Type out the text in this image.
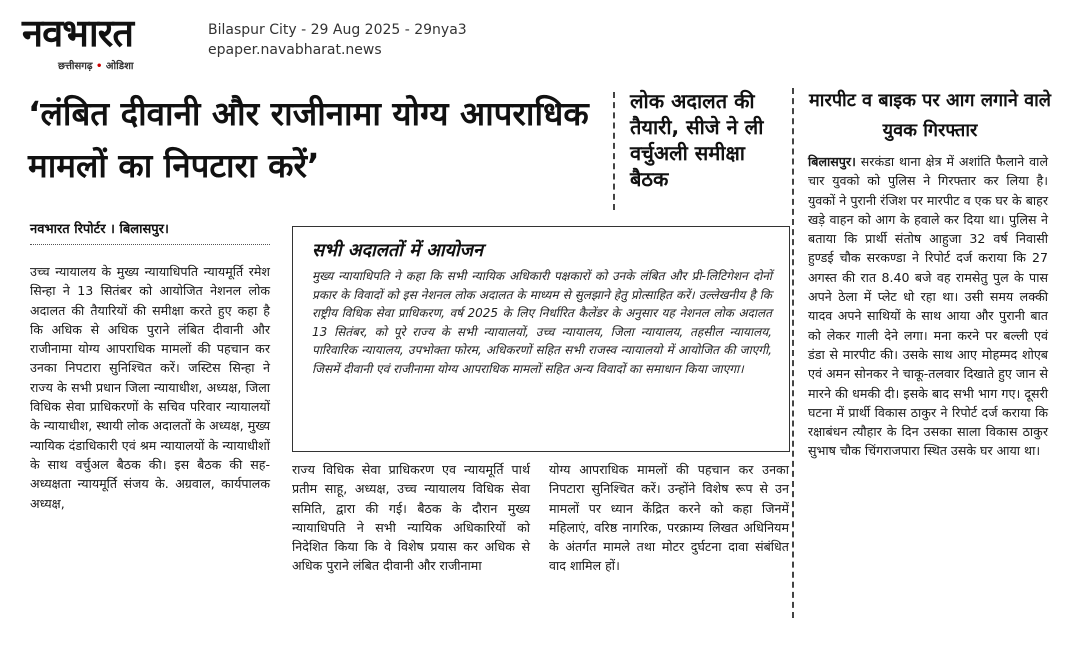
नवभारत
छत्तीसगढ़ • ओडिशा
Bilaspur City - 29 Aug 2025 - 29nya3
epaper.navabharat.news
‘लंबित दीवानी और राजीनामा योग्य आपराधिक मामलों का निपटारा करें’
लोक अदालत की तैयारी, सीजे ने ली वर्चुअली समीक्षा बैठक
नवभारत रिपोर्टर । बिलासपुर।
उच्च न्यायालय के मुख्य न्यायाधिपति न्यायमूर्ति रमेश सिन्हा ने 13 सितंबर को आयोजित नेशनल लोक अदालत की तैयारियों की समीक्षा करते हुए कहा है कि अधिक से अधिक पुराने लंबित दीवानी और राजीनामा योग्य आपराधिक मामलों की पहचान कर उनका निपटारा सुनिश्चित करें। जस्टिस सिन्हा ने राज्य के सभी प्रधान जिला न्यायाधीश, अध्यक्ष, जिला विधिक सेवा प्राधिकरणों के सचिव परिवार न्यायालयों के न्यायाधीश, स्थायी लोक अदालतों के अध्यक्ष, मुख्य न्यायिक दंडाधिकारी एवं श्रम न्यायालयों के न्यायाधीशों के साथ वर्चुअल बैठक की। इस बैठक की सह-अध्यक्षता न्यायमूर्ति संजय के. अग्रवाल, कार्यपालक अध्यक्ष,
राज्य विधिक सेवा प्राधिकरण एव न्यायमूर्ति पार्थ प्रतीम साहू, अध्यक्ष, उच्च न्यायालय विधिक सेवा समिति, द्वारा की गई। बैठक के दौरान मुख्य न्यायाधिपति ने सभी न्यायिक अधिकारियों को निदेशित किया कि वे विशेष प्रयास कर अधिक से अधिक पुराने लंबित दीवानी और राजीनामा
योग्य आपराधिक मामलों की पहचान कर उनका निपटारा सुनिश्चित करें। उन्होंने विशेष रूप से उन मामलों पर ध्यान केंद्रित करने को कहा जिनमें महिलाएं, वरिष्ठ नागरिक, परक्राम्य लिखत अधिनियम के अंतर्गत मामले तथा मोटर दुर्घटना दावा संबंधित वाद शामिल हों।
सभी अदालतों में आयोजन
मुख्य न्यायाधिपति ने कहा कि सभी न्यायिक अधिकारी पक्षकारों को उनके लंबित और प्री-लिटिगेशन दोनों प्रकार के विवादों को इस नेशनल लोक अदालत के माध्यम से सुलझाने हेतु प्रोत्साहित करें। उल्लेखनीय है कि राष्ट्रीय विधिक सेवा प्राधिकरण, वर्ष 2025 के लिए निर्धारित कैलेंडर के अनुसार यह नेशनल लोक अदालत 13 सितंबर, को पूरे राज्य के सभी न्यायालयों, उच्च न्यायालय, जिला न्यायालय, तहसील न्यायालय, पारिवारिक न्यायालय, उपभोक्ता फोरम, अधिकरणों सहित सभी राजस्व न्यायालयो में आयोजित की जाएगी, जिसमें दीवानी एवं राजीनामा योग्य आपराधिक मामलों सहित अन्य विवादों का समाधान किया जाएगा।
मारपीट व बाइक पर आग लगाने वाले युवक गिरफ्तार
बिलासपुर। सरकंडा थाना क्षेत्र में अशांति फैलाने वाले चार युवको को पुलिस ने गिरफ्तार कर लिया है। युवकों ने पुरानी रंजिश पर मारपीट व एक घर के बाहर खड़े वाहन को आग के हवाले कर दिया था। पुलिस ने बताया कि प्रार्थी संतोष आहुजा 32 वर्ष निवासी हुण्डई चौक सरकण्डा ने रिपोर्ट दर्ज कराया कि 27 अगस्त की रात 8.40 बजे वह रामसेतु पुल के पास अपने ठेला में प्लेट धो रहा था। उसी समय लक्की यादव अपने साथियों के साथ आया और पुरानी बात को लेकर गाली देने लगा। मना करने पर बल्ली एवं डंडा से मारपीट की। उसके साथ आए मोहम्मद शोएब एवं अमन सोनकर ने चाकू-तलवार दिखाते हुए जान से मारने की धमकी दी। इसके बाद सभी भाग गए। दूसरी घटना में प्रार्थी विकास ठाकुर ने रिपोर्ट दर्ज कराया कि रक्षाबंधन त्यौहार के दिन उसका साला विकास ठाकुर सुभाष चौक चिंगराजपारा स्थित उसके घर आया था।
